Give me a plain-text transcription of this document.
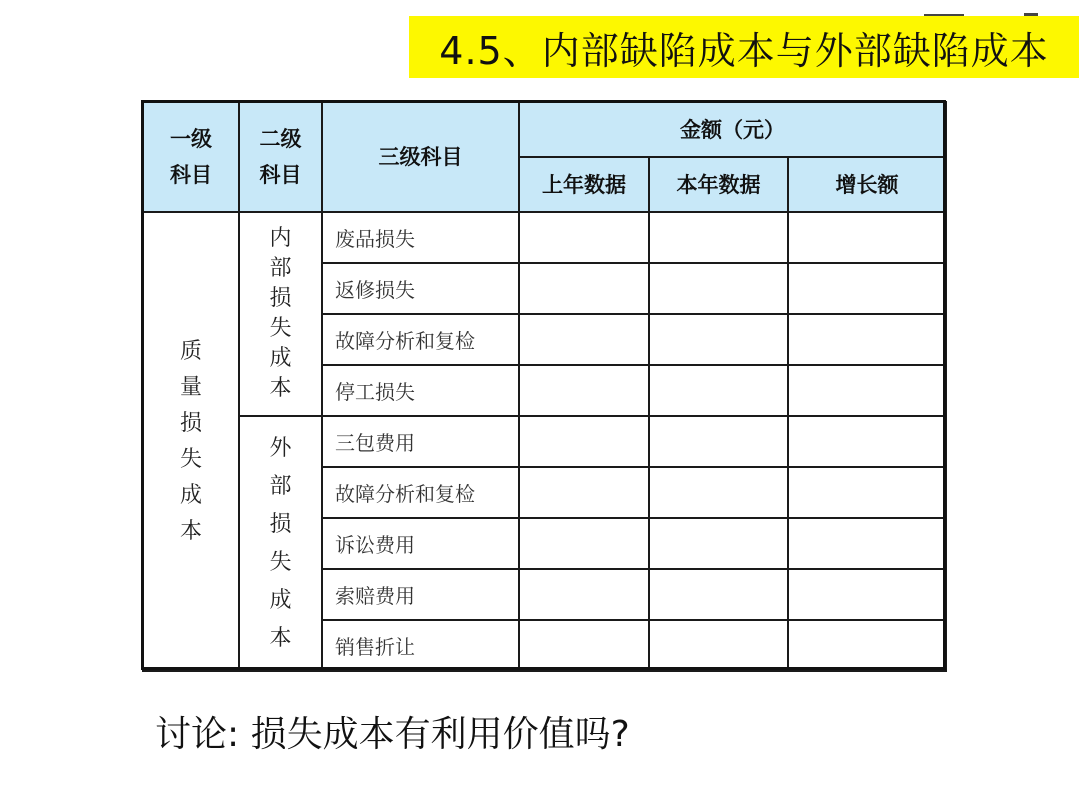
4.5、内部缺陷成本与外部缺陷成本
一级科目	二级科目	三级科目	金额（元）		
			上年数据	本年数据	增长额
质量损失成本	内部损失成本	废品损失			
		返修损失			
		故障分析和复检			
		停工损失			
	外部损失成本	三包费用			
		故障分析和复检			
		诉讼费用			
		索赔费用			
		销售折让			
讨论: 损失成本有利用价值吗?
